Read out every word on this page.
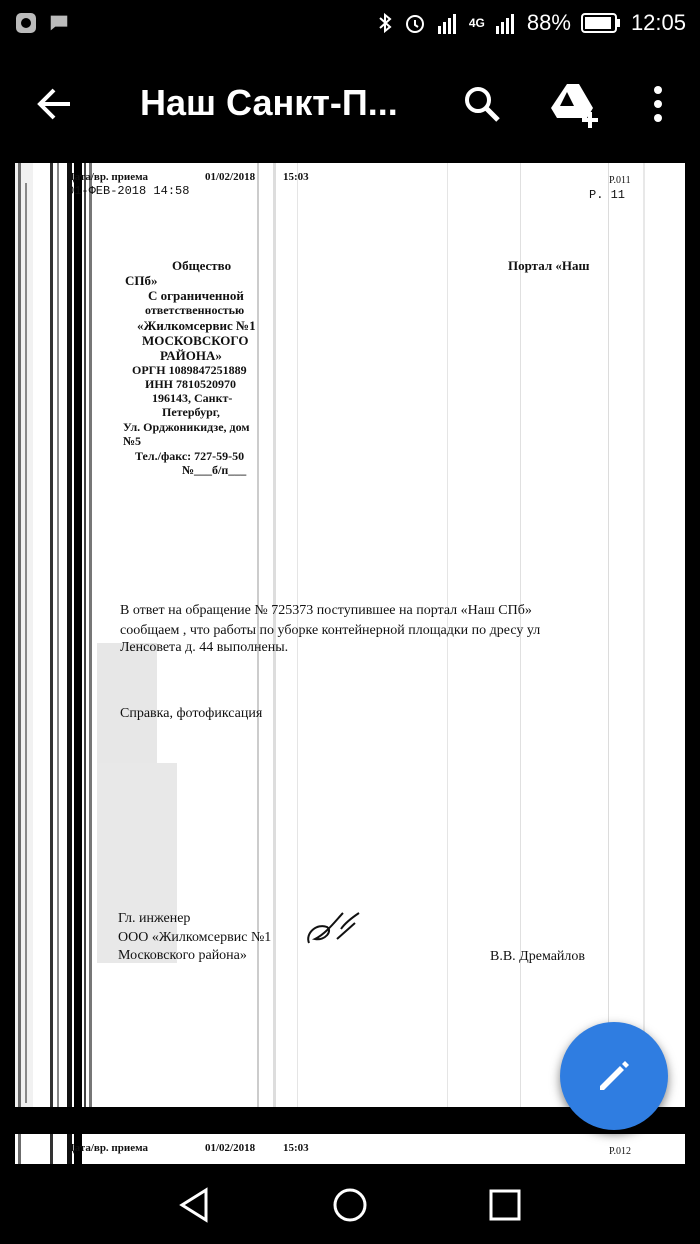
4G 88%	12:05
Наш Санкт-П...
Дата/вр. приема	01/02/2018	15:03	P.011
01-ФЕВ-2018 14:58	P. 11
Общество
СПб»
С ограниченной
ответственностью
«Жилкомсервис №1
МОСКОВСКОГО
РАЙОНА»
ОРГН 1089847251889
ИНН 7810520970
196143, Санкт-
Петербург,
Ул. Орджоникидзе, дом
№5
Тел./факс: 727-59-50
№___б/п___
Портал «Наш
В ответ на обращение № 725373 поступившее на портал «Наш СПб»
сообщаем , что работы по уборке контейнерной площадки по дресу ул
Ленсовета д. 44 выполнены.
Справка, фотофиксация
Гл. инженер
ООО «Жилкомсервис №1
Московского района»	В.В. Дремайлов
Дата/вр. приема	01/02/2018	15:03	P.012
